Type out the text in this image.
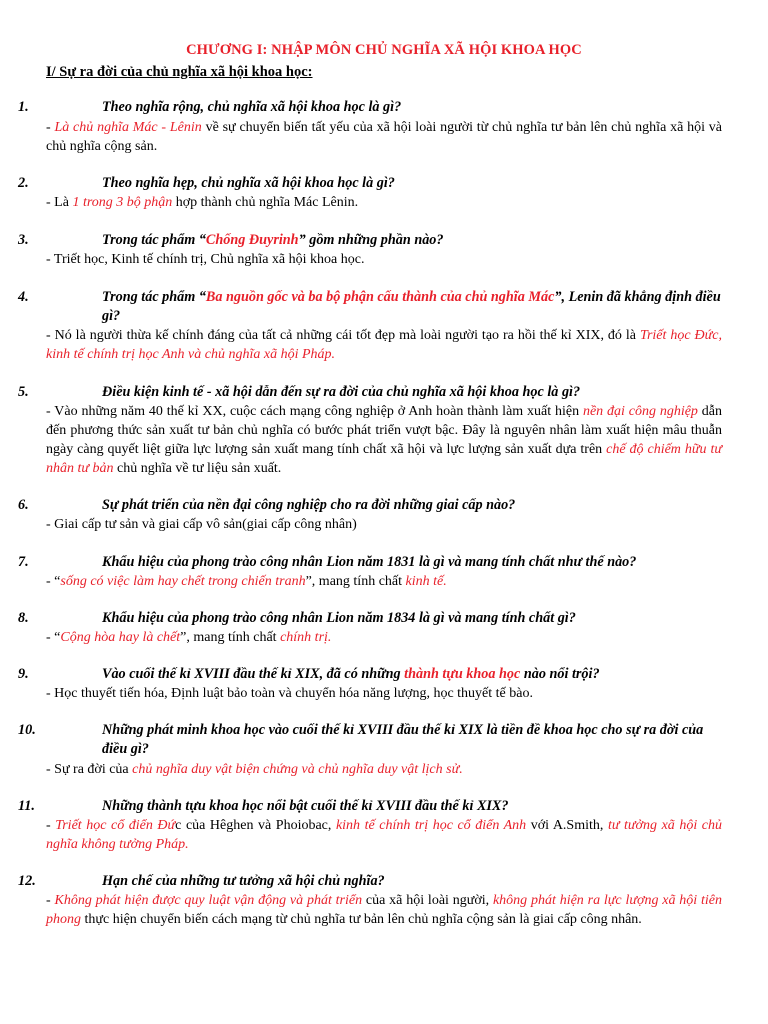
CHƯƠNG I: NHẬP MÔN CHỦ NGHĨA XÃ HỘI KHOA HỌC
I/ Sự ra đời của chủ nghĩa xã hội khoa học:
1.	Theo nghĩa rộng, chủ nghĩa xã hội khoa học là gì?
- Là chủ nghĩa Mác - Lênin về sự chuyển biến tất yếu của xã hội loài người từ chủ nghĩa tư bản lên chủ nghĩa xã hội và chủ nghĩa cộng sản.
2.	Theo nghĩa hẹp, chủ nghĩa xã hội khoa học là gì?
- Là 1 trong 3 bộ phận hợp thành chủ nghĩa Mác Lênin.
3.	Trong tác phẩm “Chống Đuyrinh” gồm những phần nào?
- Triết học, Kinh tế chính trị, Chủ nghĩa xã hội khoa học.
4.	Trong tác phẩm “Ba nguồn gốc và ba bộ phận cấu thành của chủ nghĩa Mác”, Lenin đã khẳng định điều gì?
- Nó là người thừa kế chính đáng của tất cả những cái tốt đẹp mà loài người tạo ra hồi thế kỉ XIX, đó là Triết học Đức, kinh tế chính trị học Anh và chủ nghĩa xã hội Pháp.
5.	Điều kiện kinh tế - xã hội dẫn đến sự ra đời của chủ nghĩa xã hội khoa học là gì?
- Vào những năm 40 thế kỉ XX, cuộc cách mạng công nghiệp ở Anh hoàn thành làm xuất hiện nền đại công nghiệp dẫn đến phương thức sản xuất tư bản chủ nghĩa có bước phát triển vượt bậc. Đây là nguyên nhân làm xuất hiện mâu thuẫn ngày càng quyết liệt giữa lực lượng sản xuất mang tính chất xã hội và lực lượng sản xuất dựa trên chế độ chiếm hữu tư nhân tư bản chủ nghĩa về tư liệu sản xuất.
6.	Sự phát triển của nền đại công nghiệp cho ra đời những giai cấp nào?
- Giai cấp tư sản và giai cấp vô sản(giai cấp công nhân)
7.	Khẩu hiệu của phong trào công nhân Lion năm 1831 là gì và mang tính chất như thế nào?
- “sống có việc làm hay chết trong chiến tranh”, mang tính chất kinh tế.
8.	Khẩu hiệu của phong trào công nhân Lion năm 1834 là gì và mang tính chất gì?
- “Cộng hòa hay là chết”, mang tính chất chính trị.
9.	Vào cuối thế kỉ XVIII đầu thế kỉ XIX, đã có những thành tựu khoa học nào nổi trội?
- Học thuyết tiến hóa, Định luật bảo toàn và chuyển hóa năng lượng, học thuyết tế bào.
10.	Những phát minh khoa học vào cuối thế kỉ XVIII đầu thế kỉ XIX là tiền đề khoa học cho sự ra đời của điều gì?
- Sự ra đời của chủ nghĩa duy vật biện chứng và chủ nghĩa duy vật lịch sử.
11.	Những thành tựu khoa học nổi bật cuối thế kỉ XVIII đầu thế kỉ XIX?
- Triết học cổ điển Đức của Hêghen và Phoiobac, kinh tế chính trị học cổ điển Anh với A.Smith, tư tưởng xã hội chủ nghĩa không tưởng Pháp.
12.	Hạn chế của những tư tưởng xã hội chủ nghĩa?
- Không phát hiện được quy luật vận động và phát triển của xã hội loài người, không phát hiện ra lực lượng xã hội tiên phong thực hiện chuyển biến cách mạng từ chủ nghĩa tư bản lên chủ nghĩa cộng sản là giai cấp công nhân.
